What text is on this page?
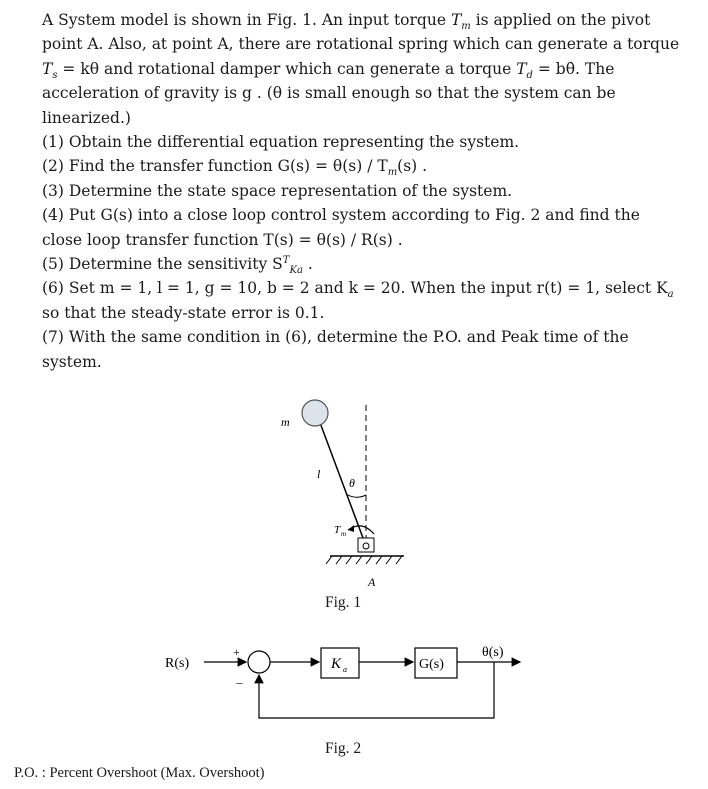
A System model is shown in Fig. 1. An input torque $T_m$ is applied on the pivot
point A. Also, at point A, there are rotational spring which can generate a torque
$T_s = k\theta$ and rotational damper which can generate a torque $T_d$ = bθ̇. The
acceleration of gravity is g . (θ is small enough so that the system can be
linearized.)
(1) Obtain the differential equation representing the system.
(2) Find the transfer function $G(s) = \theta(s) / T_m(s)$ .
(3) Determine the state space representation of the system.
(4) Put G(s) into a close loop control system according to Fig. 2 and find the
close loop transfer function T(s) = θ(s) / R(s) .
(5) Determine the sensitivity $S^T_{Ka}$ .
(6) Set m = 1, l = 1, g = 10, b = 2 and k = 20. When the input r(t) = 1, select $K_a$
so that the steady-state error is 0.1.
(7) With the same condition in (6), determine the P.O. and Peak time of the
system.
m
l
θ
T m
A
Fig. 1
R(s)
+
−
K a	G(s)
θ(s)
Fig. 2
P.O. : Percent Overshoot (Max. Overshoot)
